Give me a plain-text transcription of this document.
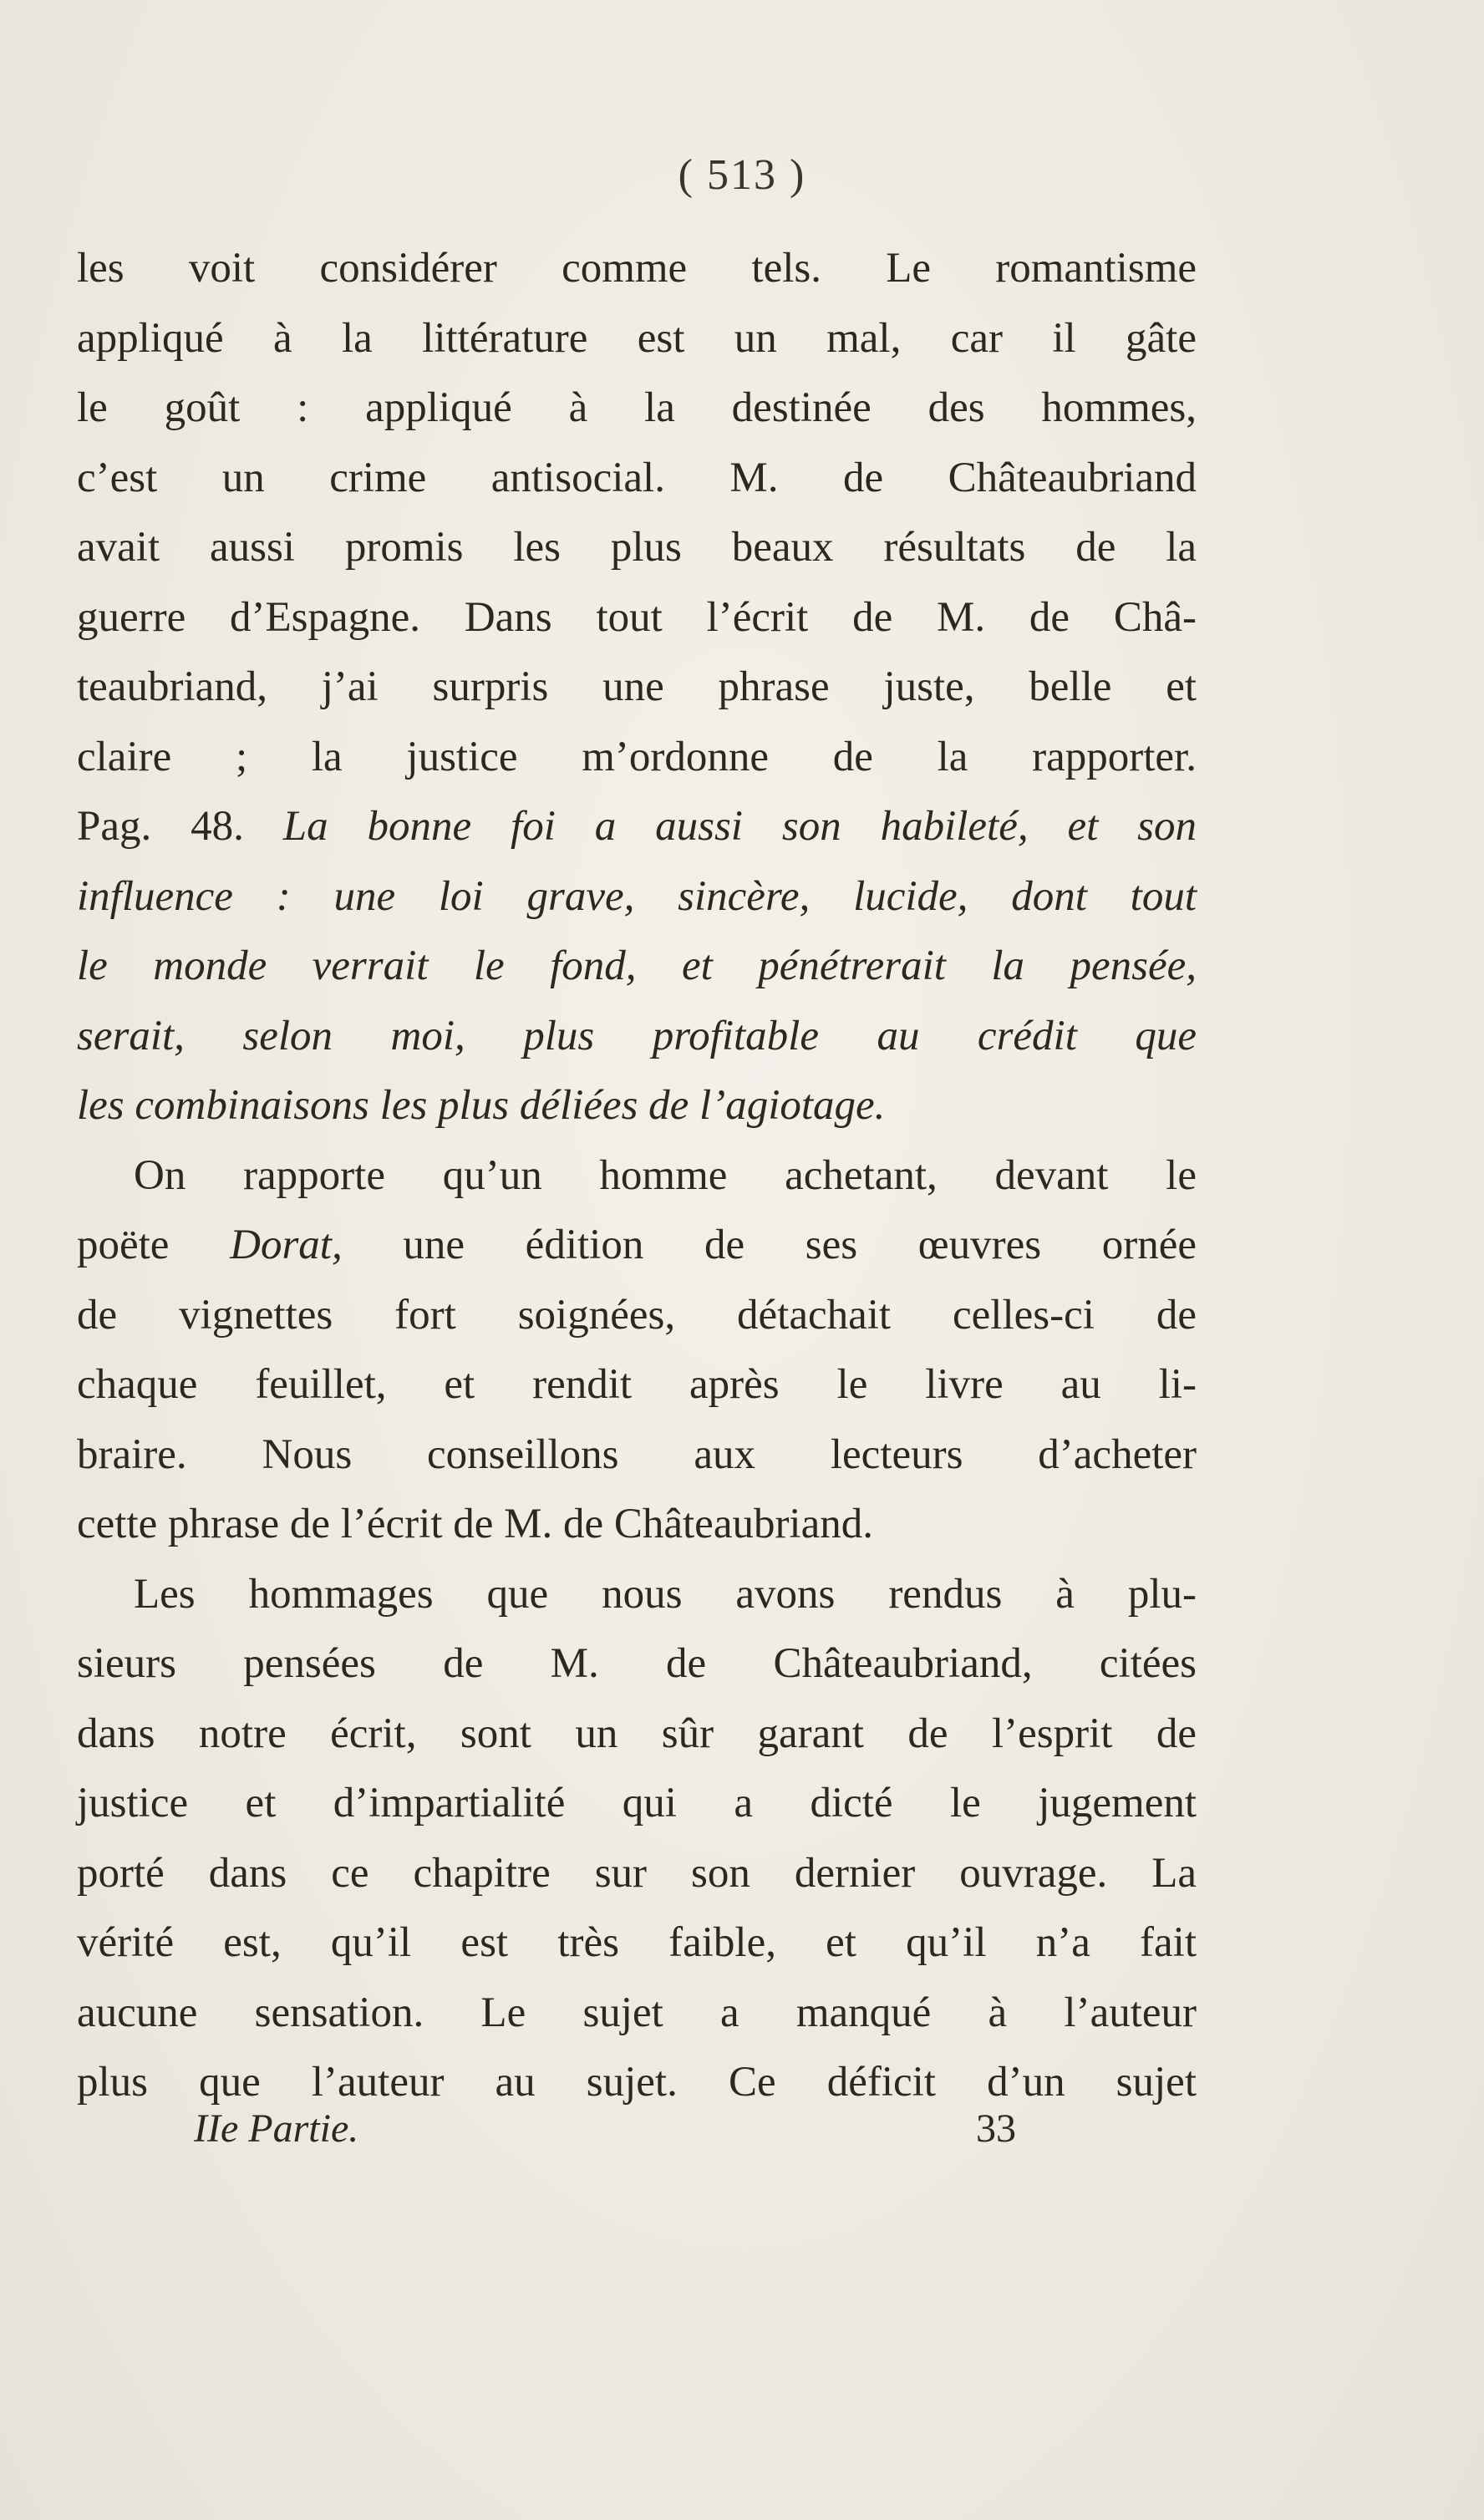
( 513 )
les voit considérer comme tels. Le romantisme
appliqué à la littérature est un mal, car il gâte
le goût : appliqué à la destinée des hommes,
c’est un crime antisocial. M. de Châteaubriand
avait aussi promis les plus beaux résultats de la
guerre d’Espagne. Dans tout l’écrit de M. de Châ-
teaubriand, j’ai surpris une phrase juste, belle et
claire ; la justice m’ordonne de la rapporter.
Pag. 48. La bonne foi a aussi son habileté, et son
influence : une loi grave, sincère, lucide, dont tout
le monde verrait le fond, et pénétrerait la pensée,
serait, selon moi, plus profitable au crédit que
les combinaisons les plus déliées de l’agiotage.
On rapporte qu’un homme achetant, devant le
poëte Dorat, une édition de ses œuvres ornée
de vignettes fort soignées, détachait celles-ci de
chaque feuillet, et rendit après le livre au li-
braire. Nous conseillons aux lecteurs d’acheter
cette phrase de l’écrit de M. de Châteaubriand.
Les hommages que nous avons rendus à plu-
sieurs pensées de M. de Châteaubriand, citées
dans notre écrit, sont un sûr garant de l’esprit de
justice et d’impartialité qui a dicté le jugement
porté dans ce chapitre sur son dernier ouvrage. La
vérité est, qu’il est très faible, et qu’il n’a fait
aucune sensation. Le sujet a manqué à l’auteur
plus que l’auteur au sujet. Ce déficit d’un sujet
IIe Partie.	33
